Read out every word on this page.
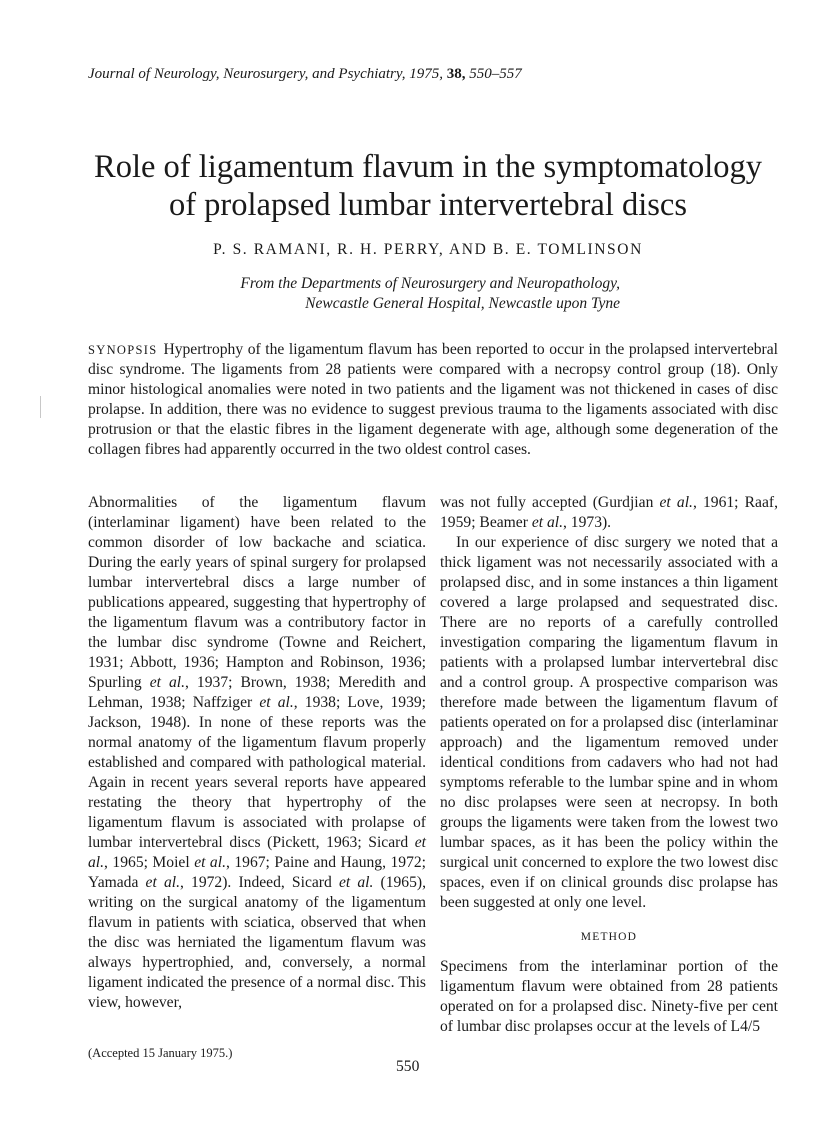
Journal of Neurology, Neurosurgery, and Psychiatry, 1975, 38, 550–557
Role of ligamentum flavum in the symptomatology
of prolapsed lumbar intervertebral discs
P. S. RAMANI, R. H. PERRY, AND B. E. TOMLINSON
From the Departments of Neurosurgery and Neuropathology,
Newcastle General Hospital, Newcastle upon Tyne
SYNOPSIS Hypertrophy of the ligamentum flavum has been reported to occur in the prolapsed intervertebral disc syndrome. The ligaments from 28 patients were compared with a necropsy control group (18). Only minor histological anomalies were noted in two patients and the ligament was not thickened in cases of disc prolapse. In addition, there was no evidence to suggest previous trauma to the ligaments associated with disc protrusion or that the elastic fibres in the ligament degenerate with age, although some degeneration of the collagen fibres had apparently occurred in the two oldest control cases.

Abnormalities of the ligamentum flavum (interlaminar ligament) have been related to the common disorder of low backache and sciatica. During the early years of spinal surgery for prolapsed lumbar intervertebral discs a large number of publications appeared, suggesting that hypertrophy of the ligamentum flavum was a contributory factor in the lumbar disc syndrome (Towne and Reichert, 1931; Abbott, 1936; Hampton and Robinson, 1936; Spurling et al., 1937; Brown, 1938; Meredith and Lehman, 1938; Naffziger et al., 1938; Love, 1939; Jackson, 1948). In none of these reports was the normal anatomy of the ligamentum flavum properly established and compared with pathological material. Again in recent years several reports have appeared restating the theory that hypertrophy of the ligamentum flavum is associated with prolapse of lumbar intervertebral discs (Pickett, 1963; Sicard et al., 1965; Moiel et al., 1967; Paine and Haung, 1972; Yamada et al., 1972). Indeed, Sicard et al. (1965), writing on the surgical anatomy of the ligamentum flavum in patients with sciatica, observed that when the disc was herniated the ligamentum flavum was always hypertrophied, and, conversely, a normal ligament indicated the presence of a normal disc. This view, however,

was not fully accepted (Gurdjian et al., 1961; Raaf, 1959; Beamer et al., 1973).

In our experience of disc surgery we noted that a thick ligament was not necessarily associated with a prolapsed disc, and in some instances a thin ligament covered a large prolapsed and sequestrated disc. There are no reports of a carefully controlled investigation comparing the ligamentum flavum in patients with a prolapsed lumbar intervertebral disc and a control group. A prospective comparison was therefore made between the ligamentum flavum of patients operated on for a prolapsed disc (interlaminar approach) and the ligamentum removed under identical conditions from cadavers who had not had symptoms referable to the lumbar spine and in whom no disc prolapses were seen at necropsy. In both groups the ligaments were taken from the lowest two lumbar spaces, as it has been the policy within the surgical unit concerned to explore the two lowest disc spaces, even if on clinical grounds disc prolapse has been suggested at only one level.

METHOD

Specimens from the interlaminar portion of the ligamentum flavum were obtained from 28 patients operated on for a prolapsed disc. Ninety-five per cent of lumbar disc prolapses occur at the levels of L4/5

(Accepted 15 January 1975.)
550
